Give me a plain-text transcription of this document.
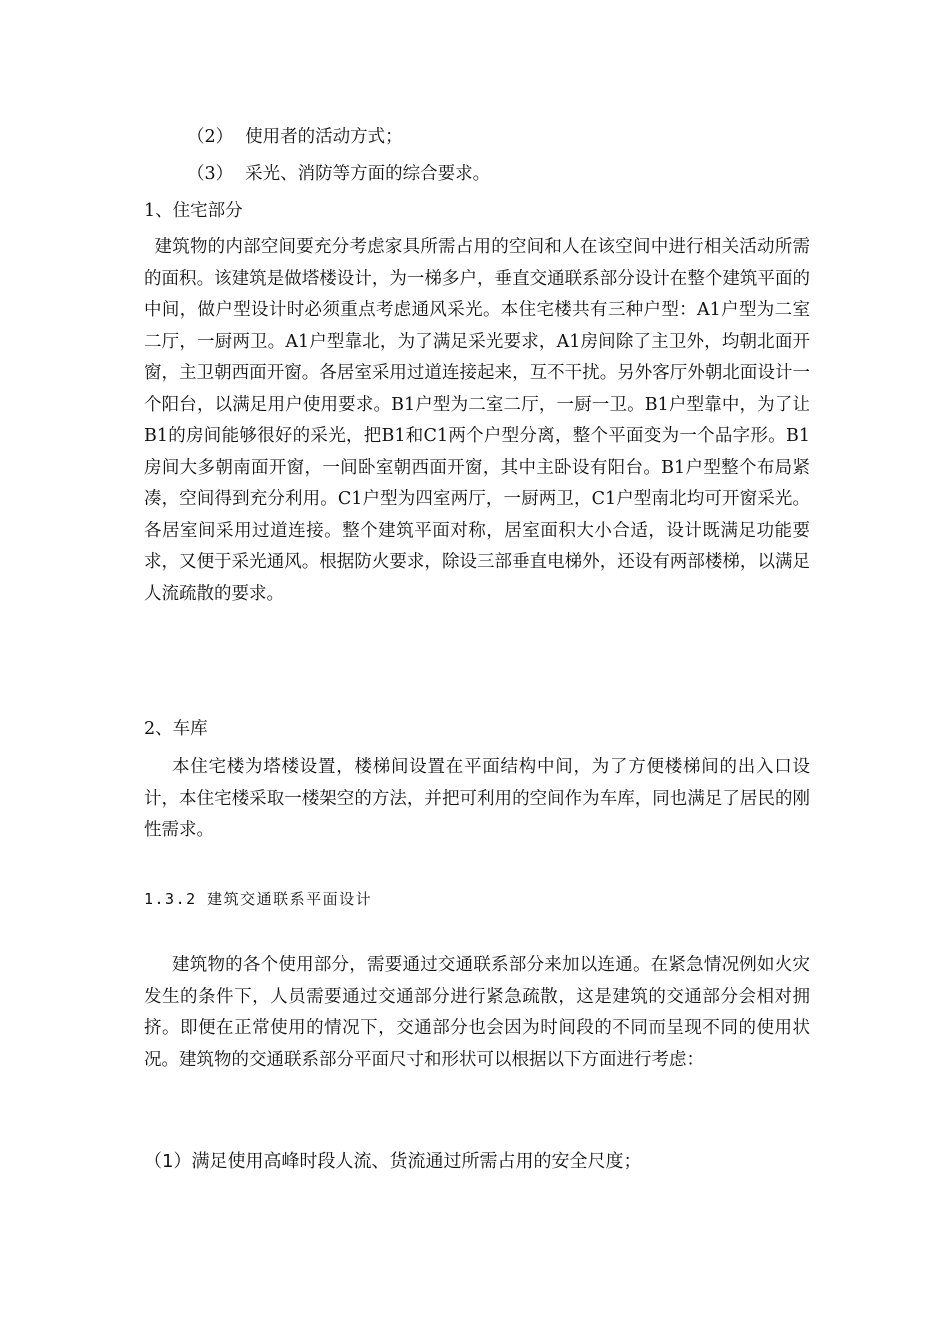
（2） 使用者的活动方式；
（3） 采光、消防等方面的综合要求。
1、住宅部分
建筑物的内部空间要充分考虑家具所需占用的空间和人在该空间中进行相关活动所需的面积。该建筑是做塔楼设计，为一梯多户，垂直交通联系部分设计在整个建筑平面的中间，做户型设计时必须重点考虑通风采光。本住宅楼共有三种户型：A1户型为二室二厅，一厨两卫。A1户型靠北，为了满足采光要求，A1房间除了主卫外，均朝北面开窗，主卫朝西面开窗。各居室采用过道连接起来，互不干扰。另外客厅外朝北面设计一个阳台，以满足用户使用要求。B1户型为二室二厅，一厨一卫。B1户型靠中，为了让B1的房间能够很好的采光，把B1和C1两个户型分离，整个平面变为一个品字形。B1房间大多朝南面开窗，一间卧室朝西面开窗，其中主卧设有阳台。B1户型整个布局紧凑，空间得到充分利用。C1户型为四室两厅，一厨两卫，C1户型南北均可开窗采光。各居室间采用过道连接。整个建筑平面对称，居室面积大小合适，设计既满足功能要求，又便于采光通风。根据防火要求，除设三部垂直电梯外，还设有两部楼梯，以满足人流疏散的要求。
2、车库
本住宅楼为塔楼设置，楼梯间设置在平面结构中间，为了方便楼梯间的出入口设计，本住宅楼采取一楼架空的方法，并把可利用的空间作为车库，同也满足了居民的刚性需求。
1.3.2 建筑交通联系平面设计
建筑物的各个使用部分，需要通过交通联系部分来加以连通。在紧急情况例如火灾发生的条件下，人员需要通过交通部分进行紧急疏散，这是建筑的交通部分会相对拥挤。即便在正常使用的情况下，交通部分也会因为时间段的不同而呈现不同的使用状况。建筑物的交通联系部分平面尺寸和形状可以根据以下方面进行考虑：
（1）满足使用高峰时段人流、货流通过所需占用的安全尺度；
